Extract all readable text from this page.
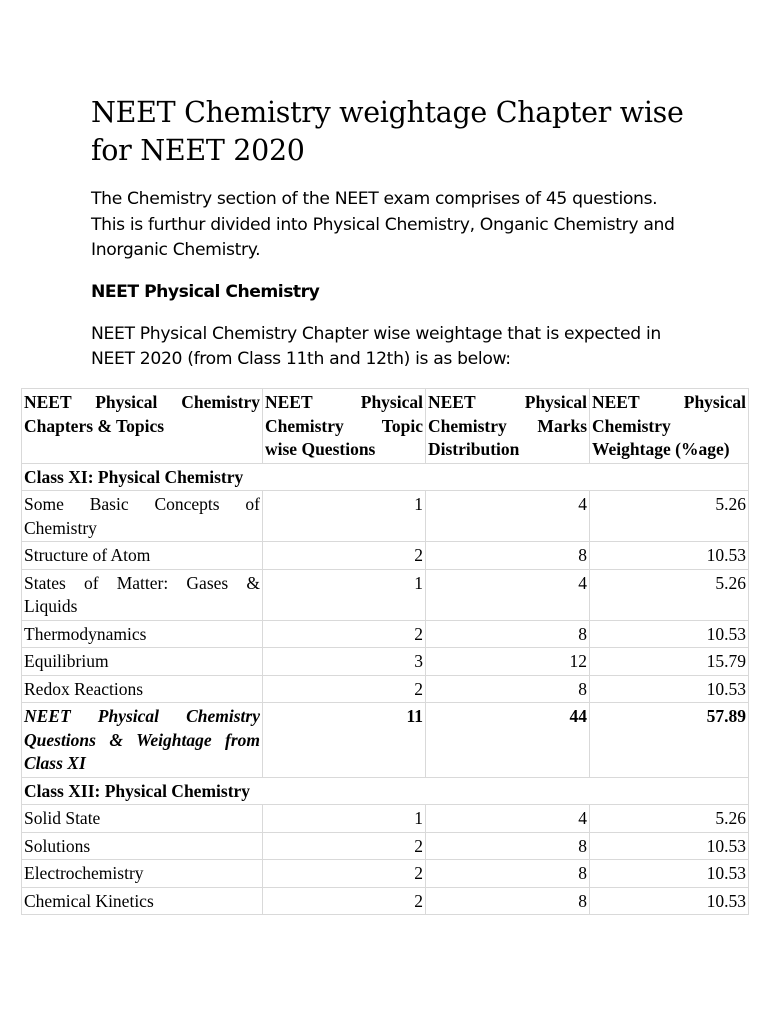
NEET Chemistry weightage Chapter wise for NEET 2020

The Chemistry section of the NEET exam comprises of 45 questions. This is furthur divided into Physical Chemistry, Onganic Chemistry and Inorganic Chemistry.

NEET Physical Chemistry

NEET Physical Chemistry Chapter wise weightage that is expected in NEET 2020 (from Class 11th and 12th) is as below:

NEET Physical Chemistry Chapters & Topics	NEET Physical Chemistry Topic wise Questions	NEET Physical Chemistry Marks Distribution	NEET Physical Chemistry Weightage (%age)
Class XI: Physical Chemistry			
Some Basic Concepts of Chemistry	1	4	5.26
Structure of Atom	2	8	10.53
States of Matter: Gases & Liquids	1	4	5.26
Thermodynamics	2	8	10.53
Equilibrium	3	12	15.79
Redox Reactions	2	8	10.53
NEET Physical Chemistry Questions & Weightage from Class XI	11	44	57.89
Class XII: Physical Chemistry			
Solid State	1	4	5.26
Solutions	2	8	10.53
Electrochemistry	2	8	10.53
Chemical Kinetics	2	8	10.53
